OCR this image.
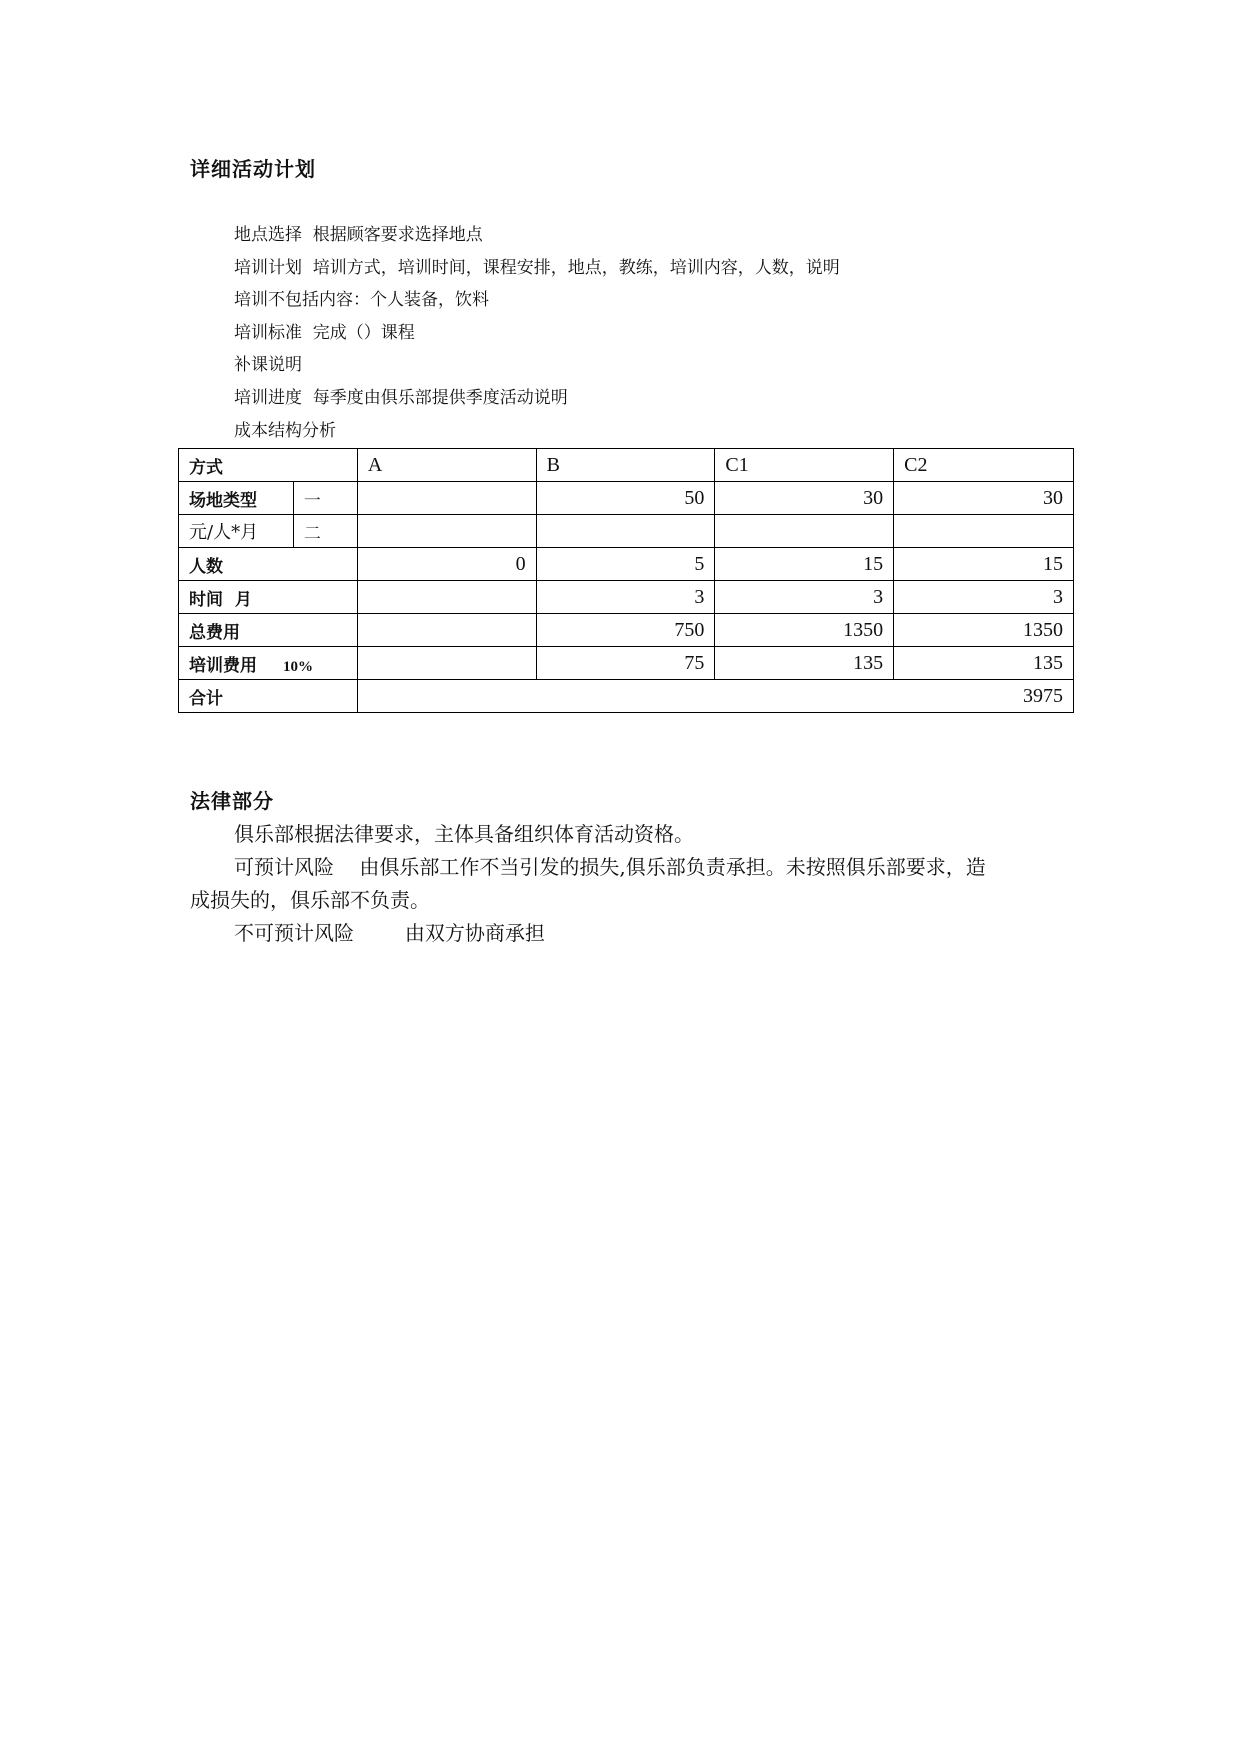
详细活动计划
地点选择  根据顾客要求选择地点
培训计划  培训方式，培训时间，课程安排，地点，教练，培训内容，人数，说明
培训不包括内容：个人装备，饮料
培训标准  完成（）课程
补课说明
培训进度  每季度由俱乐部提供季度活动说明
成本结构分析
方式		A	B	C1	C2
场地类型	一		50	30	30
元/人*月	二				
人数		0	5	15	15
时间  月			3	3	3
总费用			750	1350	1350
培训费用 10%			75	135	135
合计		3975			
法律部分
俱乐部根据法律要求，主体具备组织体育活动资格。
可预计风险    由俱乐部工作不当引发的损失,俱乐部负责承担。未按照俱乐部要求，造
成损失的，俱乐部不负责。
不可预计风险        由双方协商承担
